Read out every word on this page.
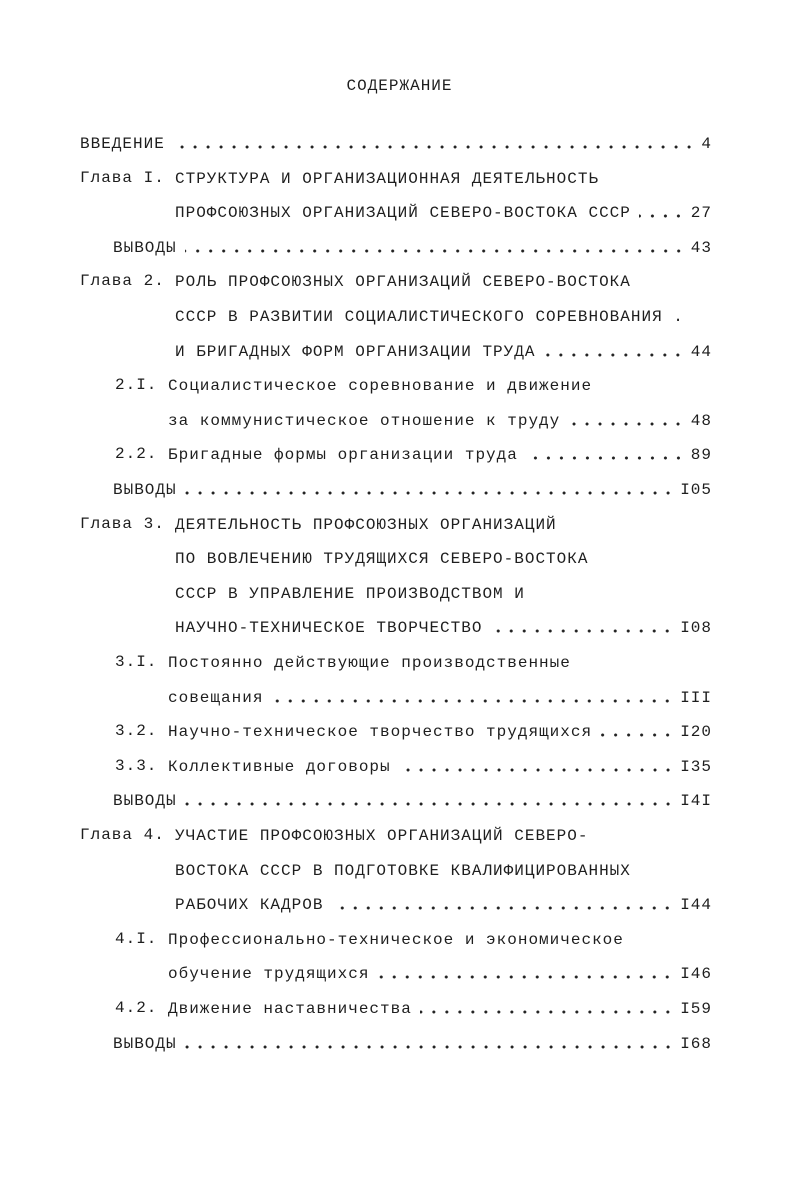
СОДЕРЖАНИЕ
ВВЕДЕНИЕ	4
Глава I. СТРУКТУРА И ОРГАНИЗАЦИОННАЯ ДЕЯТЕЛЬНОСТЬ
ПРОФСОЮЗНЫХ ОРГАНИЗАЦИЙ СЕВЕРО-ВОСТОКА СССР	27
ВЫВОДЫ	43
Глава 2. РОЛЬ ПРОФСОЮЗНЫХ ОРГАНИЗАЦИЙ СЕВЕРО-ВОСТОКА
СССР В РАЗВИТИИ СОЦИАЛИСТИЧЕСКОГО СОРЕВНОВАНИЯ .
И БРИГАДНЫХ ФОРМ ОРГАНИЗАЦИИ ТРУДА	44
2.I. Социалистическое соревнование и движение
за коммунистическое отношение к труду	48
2.2. Бригадные формы организации труда	89
ВЫВОДЫ	I05
Глава 3. ДЕЯТЕЛЬНОСТЬ ПРОФСОЮЗНЫХ ОРГАНИЗАЦИЙ
ПО ВОВЛЕЧЕНИЮ ТРУДЯЩИХСЯ СЕВЕРО-ВОСТОКА
СССР В УПРАВЛЕНИЕ ПРОИЗВОДСТВОМ И
НАУЧНО-ТЕХНИЧЕСКОЕ ТВОРЧЕСТВО	I08
3.I. Постоянно действующие производственные
совещания	III
3.2. Научно-техническое творчество трудящихся	I20
3.3. Коллективные договоры	I35
ВЫВОДЫ	I4I
Глава 4. УЧАСТИЕ ПРОФСОЮЗНЫХ ОРГАНИЗАЦИЙ СЕВЕРО-
ВОСТОКА СССР В ПОДГОТОВКЕ КВАЛИФИЦИРОВАННЫХ
РАБОЧИХ КАДРОВ	I44
4.I. Профессионально-техническое и экономическое
обучение трудящихся	I46
4.2. Движение наставничества	I59
ВЫВОДЫ	I68
